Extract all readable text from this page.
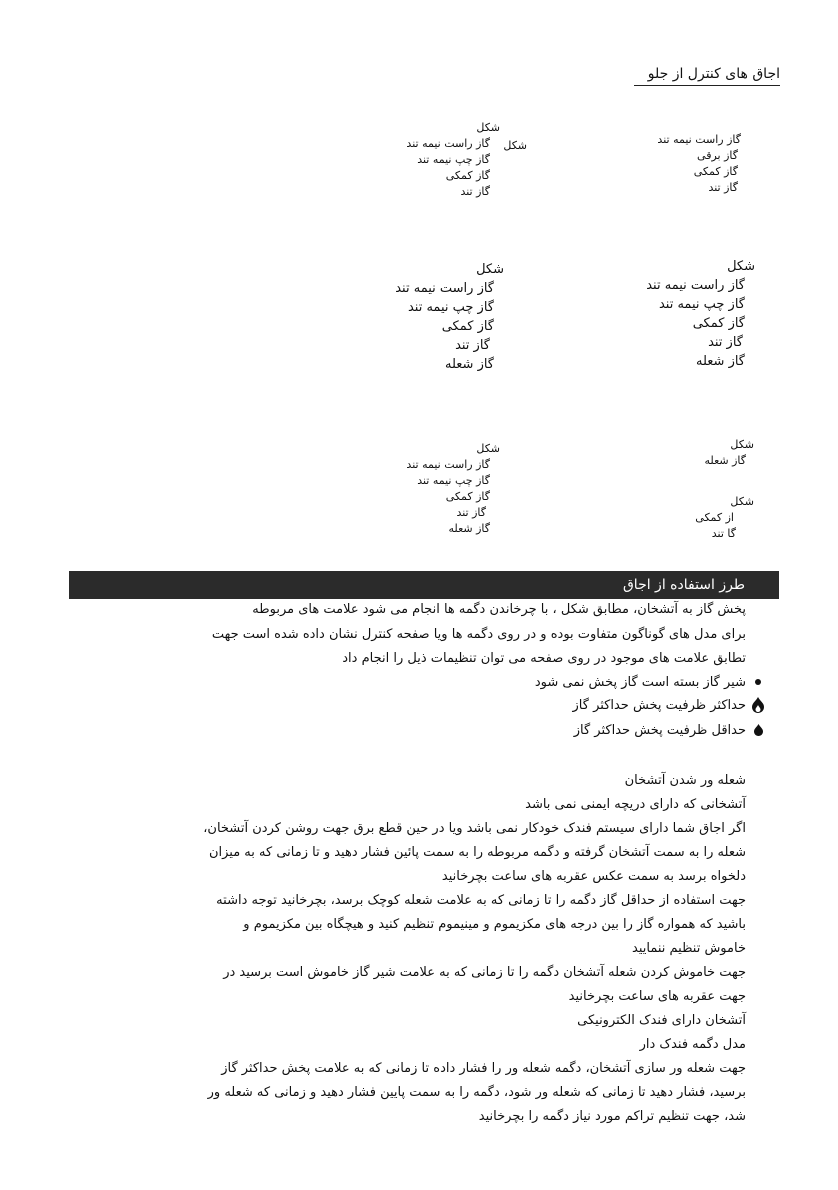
اجاق های کنترل از جلو
گاز راست نیمه تند
گاز برقی
گاز کمکی
گاز تند
شکل
شکل
گاز راست نیمه تند
گاز چپ نیمه تند
گاز کمکی
گاز تند
شکل
گاز راست نیمه تند
گاز چپ نیمه تند
گاز کمکی
گاز تند
گاز شعله
شکل
گاز راست نیمه تند
گاز چپ نیمه تند
گاز کمکی
گاز تند
گاز شعله
شکل
گاز شعله
شکل
از کمکی
گا تند
شکل
گاز راست نیمه تند
گاز چپ نیمه تند
گاز کمکی
گاز تند
گاز شعله
طرز استفاده از اجاق
پخش گاز به آتشخان، مطابق شکل ، با چرخاندن دگمه ها انجام می شود علامت های مربوطه
برای مدل های گوناگون متفاوت بوده و در روی دگمه ها ویا صفحه کنترل نشان داده شده است جهت
تطابق علامت های موجود در روی صفحه می توان تنظیمات ذیل را انجام داد
شیر گاز بسته است گاز پخش نمی شود
حداکثر ظرفیت پخش حداکثر گاز
حداقل ظرفیت پخش حداکثر گاز
شعله ور شدن آتشخان
آتشخانی که دارای دریچه ایمنی نمی باشد
اگر اجاق شما دارای سیستم فندک خودکار نمی باشد ویا در حین قطع برق جهت روشن کردن آتشخان،
شعله را به سمت آتشخان گرفته و دگمه مربوطه را به سمت پائین فشار دهید و تا زمانی که به میزان
دلخواه برسد به سمت عکس عقربه های ساعت بچرخانید
جهت استفاده از حداقل گاز دگمه را تا زمانی که به علامت شعله کوچک برسد، بچرخانید توجه داشته
باشید که همواره گاز را بین درجه های مکزیموم و مینیموم تنظیم کنید و هیچگاه بین مکزیموم و
خاموش تنظیم ننمایید
جهت خاموش کردن شعله آتشخان دگمه را تا زمانی که به علامت شیر گاز خاموش است برسید در
جهت عقربه های ساعت بچرخانید
آتشخان دارای فندک الکترونیکی
مدل دگمه فندک دار
جهت شعله ور سازی آتشخان، دگمه شعله ور را فشار داده تا زمانی که به علامت پخش حداکثر گاز
برسید، فشار دهید تا زمانی که شعله ور شود، دگمه را به سمت پایین فشار دهید و زمانی که شعله ور
شد، جهت تنظیم تراکم مورد نیاز دگمه را بچرخانید
